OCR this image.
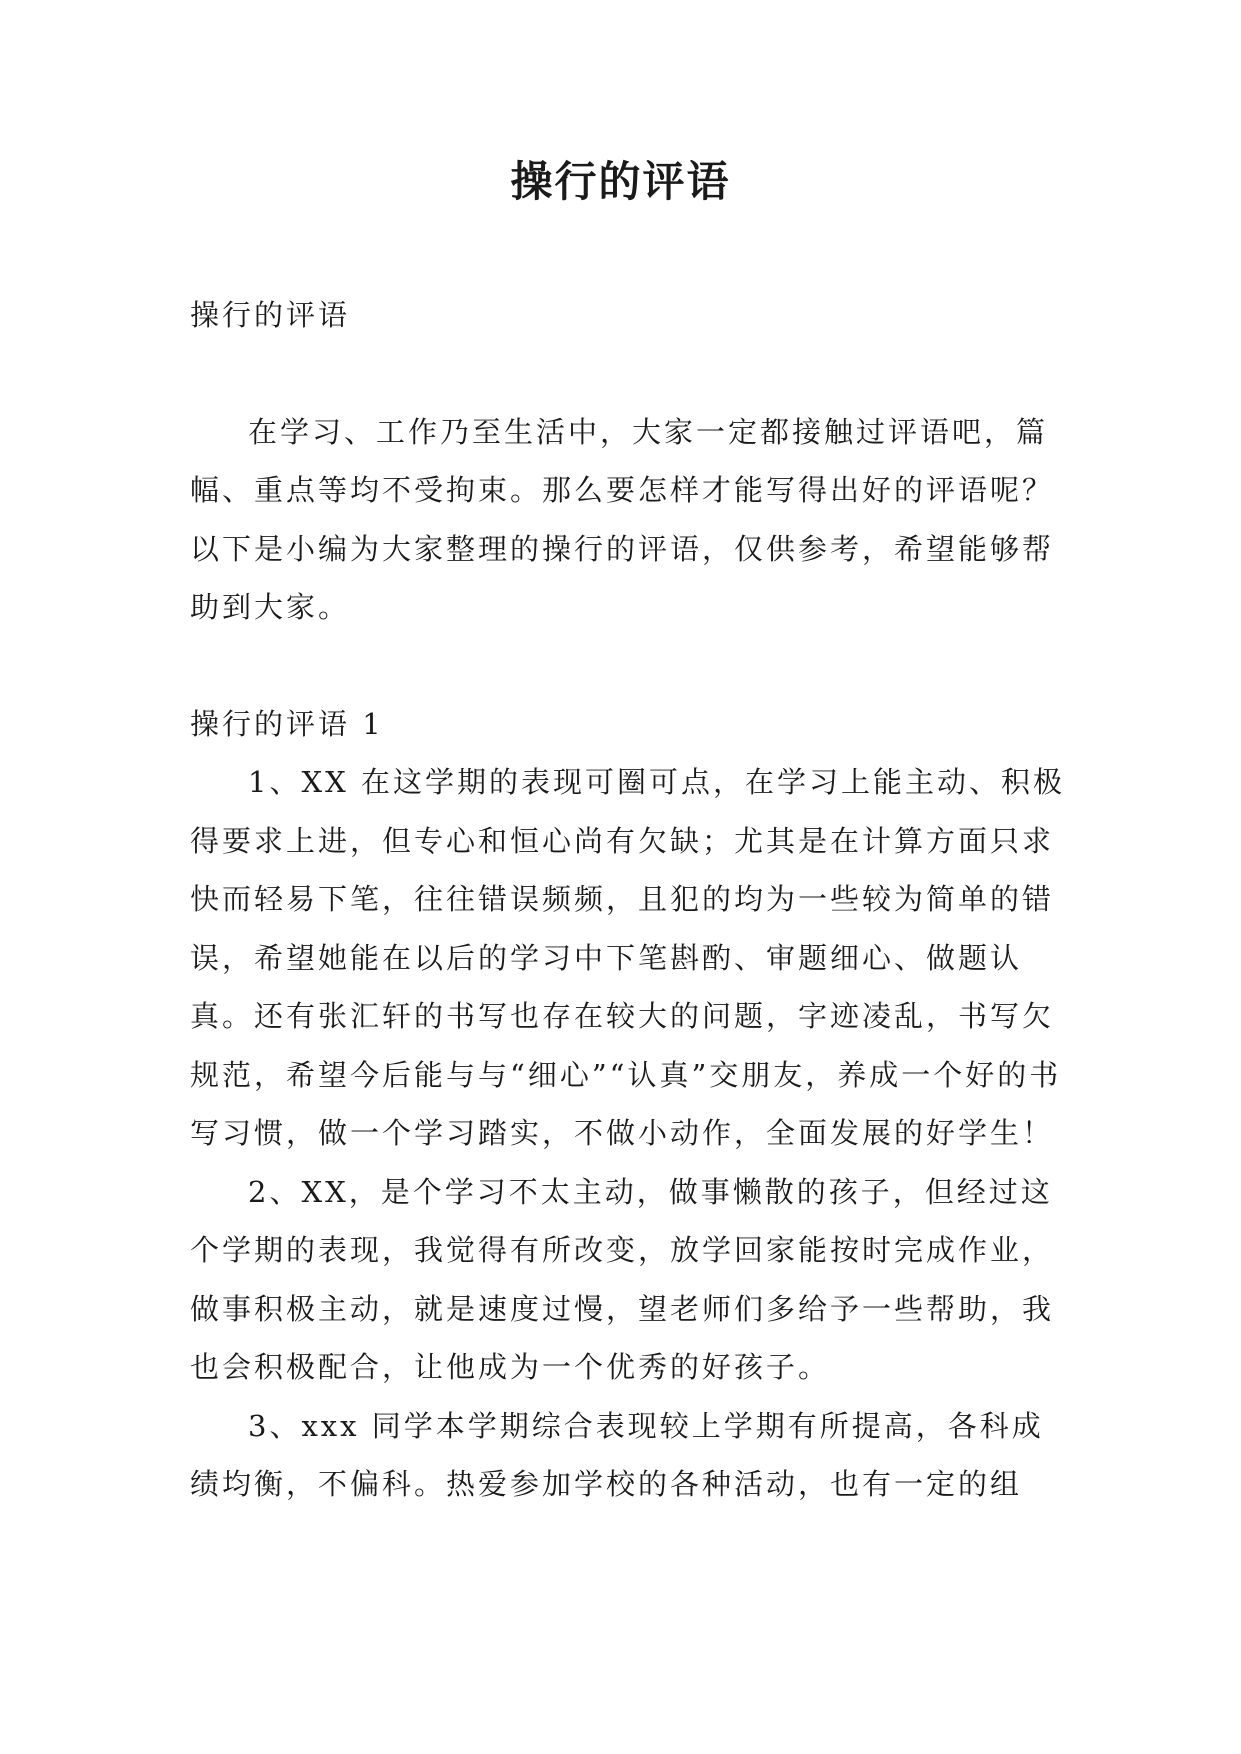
操行的评语

操行的评语

在学习、工作乃至生活中，大家一定都接触过评语吧，篇幅、重点等均不受拘束。那么要怎样才能写得出好的评语呢？以下是小编为大家整理的操行的评语，仅供参考，希望能够帮助到大家。

操行的评语 1

1、XX 在这学期的表现可圈可点，在学习上能主动、积极得要求上进，但专心和恒心尚有欠缺；尤其是在计算方面只求快而轻易下笔，往往错误频频，且犯的均为一些较为简单的错误，希望她能在以后的学习中下笔斟酌、审题细心、做题认真。还有张汇轩的书写也存在较大的问题，字迹凌乱，书写欠规范，希望今后能与与“细心”“认真”交朋友，养成一个好的书写习惯，做一个学习踏实，不做小动作，全面发展的好学生！

2、XX，是个学习不太主动，做事懒散的孩子，但经过这个学期的表现，我觉得有所改变，放学回家能按时完成作业，做事积极主动，就是速度过慢，望老师们多给予一些帮助，我也会积极配合，让他成为一个优秀的好孩子。

3、xxx 同学本学期综合表现较上学期有所提高，各科成绩均衡，不偏科。热爱参加学校的各种活动，也有一定的组
